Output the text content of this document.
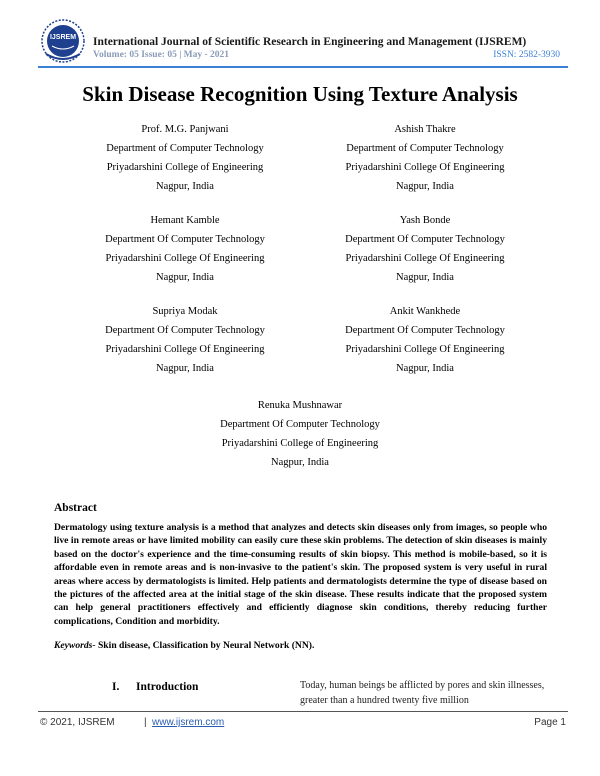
IJSREM International Journal of Scientific Research in Engineering and Management (IJSREM)
Volume: 05 Issue: 05 | May - 2021	ISSN: 2582-3930
Skin Disease Recognition Using Texture Analysis
Prof. M.G. Panjwani
Department of Computer Technology
Priyadarshini College of Engineering
Nagpur, India
Ashish Thakre
Department of Computer Technology
Priyadarshini College Of Engineering
Nagpur, India
Hemant Kamble
Department Of Computer Technology
Priyadarshini College Of Engineering
Nagpur, India
Yash Bonde
Department Of Computer Technology
Priyadarshini College Of Engineering
Nagpur, India
Supriya Modak
Department Of Computer Technology
Priyadarshini College Of Engineering
Nagpur, India
Ankit Wankhede
Department Of Computer Technology
Priyadarshini College Of Engineering
Nagpur, India
Renuka Mushnawar
Department Of Computer Technology
Priyadarshini College of Engineering
Nagpur, India
Abstract
Dermatology using texture analysis is a method that analyzes and detects skin diseases only from images, so people who live in remote areas or have limited mobility can easily cure these skin problems. The detection of skin diseases is mainly based on the doctor's experience and the time-consuming results of skin biopsy. This method is mobile-based, so it is affordable even in remote areas and is non-invasive to the patient's skin. The proposed system is very useful in rural areas where access by dermatologists is limited. Help patients and dermatologists determine the type of disease based on the pictures of the affected area at the initial stage of the skin disease. These results indicate that the proposed system can help general practitioners effectively and efficiently diagnose skin conditions, thereby reducing further complications, Condition and morbidity.
Keywords- Skin disease, Classification by Neural Network (NN).
I. Introduction	Today, human beings be afflicted by pores and skin illnesses, greater than a hundred twenty five million
© 2021, IJSREM	| www.ijsrem.com	Page 1
